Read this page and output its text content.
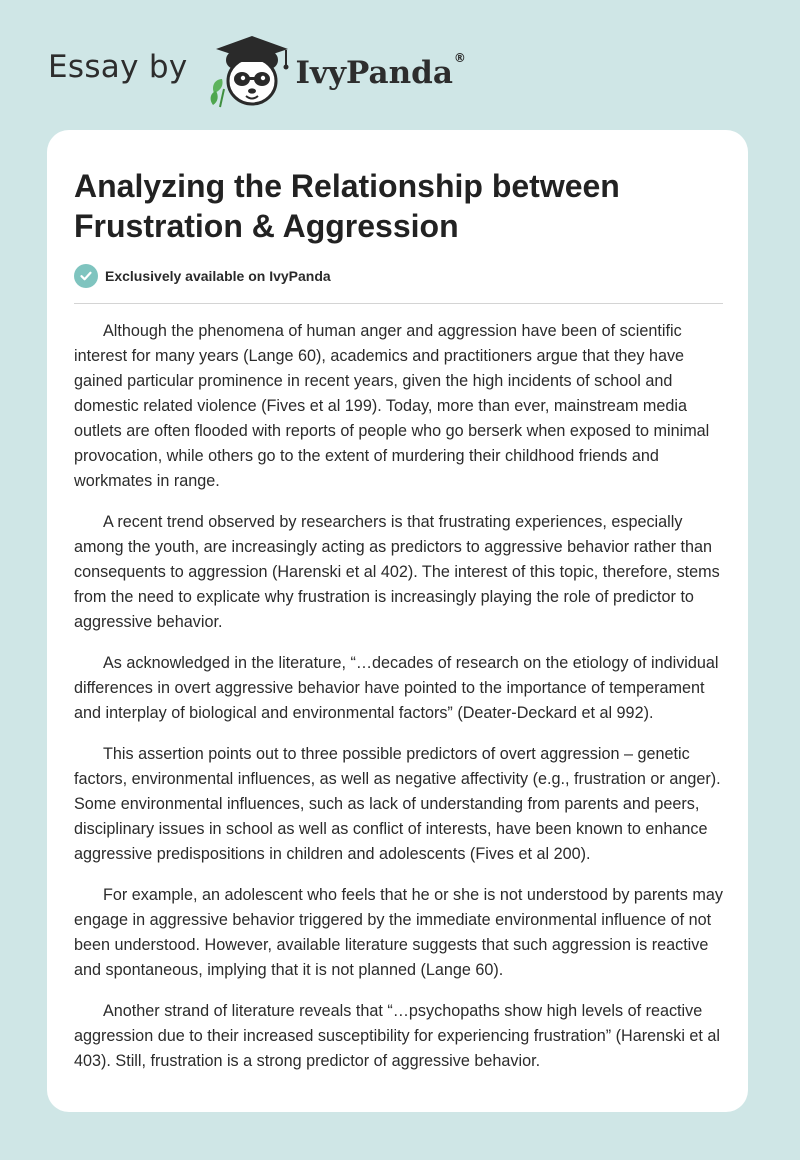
Essay by	IvyPanda®
Analyzing the Relationship between Frustration & Aggression
Exclusively available on IvyPanda

Although the phenomena of human anger and aggression have been of scientific interest for many years (Lange 60), academics and practitioners argue that they have gained particular prominence in recent years, given the high incidents of school and domestic related violence (Fives et al 199). Today, more than ever, mainstream media outlets are often flooded with reports of people who go berserk when exposed to minimal provocation, while others go to the extent of murdering their childhood friends and workmates in range.

A recent trend observed by researchers is that frustrating experiences, especially among the youth, are increasingly acting as predictors to aggressive behavior rather than consequents to aggression (Harenski et al 402). The interest of this topic, therefore, stems from the need to explicate why frustration is increasingly playing the role of predictor to aggressive behavior.

As acknowledged in the literature, “…decades of research on the etiology of individual differences in overt aggressive behavior have pointed to the importance of temperament and interplay of biological and environmental factors” (Deater-Deckard et al 992).

This assertion points out to three possible predictors of overt aggression – genetic factors, environmental influences, as well as negative affectivity (e.g., frustration or anger). Some environmental influences, such as lack of understanding from parents and peers, disciplinary issues in school as well as conflict of interests, have been known to enhance aggressive predispositions in children and adolescents (Fives et al 200).

For example, an adolescent who feels that he or she is not understood by parents may engage in aggressive behavior triggered by the immediate environmental influence of not been understood. However, available literature suggests that such aggression is reactive and spontaneous, implying that it is not planned (Lange 60).

Another strand of literature reveals that “…psychopaths show high levels of reactive aggression due to their increased susceptibility for experiencing frustration” (Harenski et al 403). Still, frustration is a strong predictor of aggressive behavior.
